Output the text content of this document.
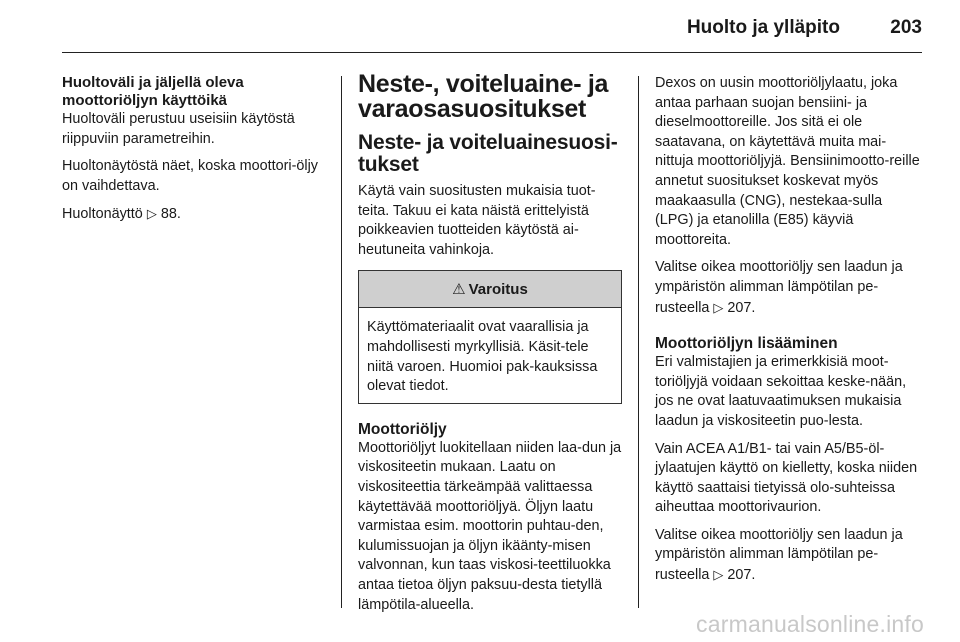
Huolto ja ylläpito	203

Huoltoväli ja jäljellä oleva moottoriöljyn käyttöikä

Huoltoväli perustuu useisiin käytöstä riippuviin parametreihin.

Huoltonäytöstä näet, koska moottori-öljy on vaihdettava.

Huoltonäyttö ▷ 88.

Neste-, voiteluaine- ja varaosasuositukset

Neste- ja voiteluainesuosi-tukset

Käytä vain suositusten mukaisia tuot-teita. Takuu ei kata näistä erittelyistä poikkeavien tuotteiden käytöstä ai-heutuneita vahinkoja.

⚠ Varoitus
Käyttömateriaalit ovat vaarallisia ja mahdollisesti myrkyllisiä. Käsit-tele niitä varoen. Huomioi pak-kauksissa olevat tiedot.

Moottoriöljy

Moottoriöljyt luokitellaan niiden laa-dun ja viskositeetin mukaan. Laatu on viskositeettia tärkeämpää valittaessa käytettävää moottoriöljyä. Öljyn laatu varmistaa esim. moottorin puhtau-den, kulumissuojan ja öljyn ikäänty-misen valvonnan, kun taas viskosi-teettiluokka antaa tietoa öljyn paksuu-desta tietyllä lämpötila-alueella.

Dexos on uusin moottoriöljylaatu, joka antaa parhaan suojan bensiini- ja dieselmoottoreille. Jos sitä ei ole saatavana, on käytettävä muita mai-nittuja moottoriöljyjä. Bensiinimootto-reille annetut suositukset koskevat myös maakaasulla (CNG), nestekaa-sulla (LPG) ja etanolilla (E85) käyviä moottoreita.

Valitse oikea moottoriöljy sen laadun ja ympäristön alimman lämpötilan pe-rusteella ▷ 207.

Moottoriöljyn lisääminen

Eri valmistajien ja erimerkkisiä moot-toriöljyjä voidaan sekoittaa keske-nään, jos ne ovat laatuvaatimuksen mukaisia laadun ja viskositeetin puo-lesta.

Vain ACEA A1/B1- tai vain A5/B5-öl-jylaatujen käyttö on kielletty, koska niiden käyttö saattaisi tietyissä olo-suhteissa aiheuttaa moottorivaurion.

Valitse oikea moottoriöljy sen laadun ja ympäristön alimman lämpötilan pe-rusteella ▷ 207.

carmanualsonline.info
